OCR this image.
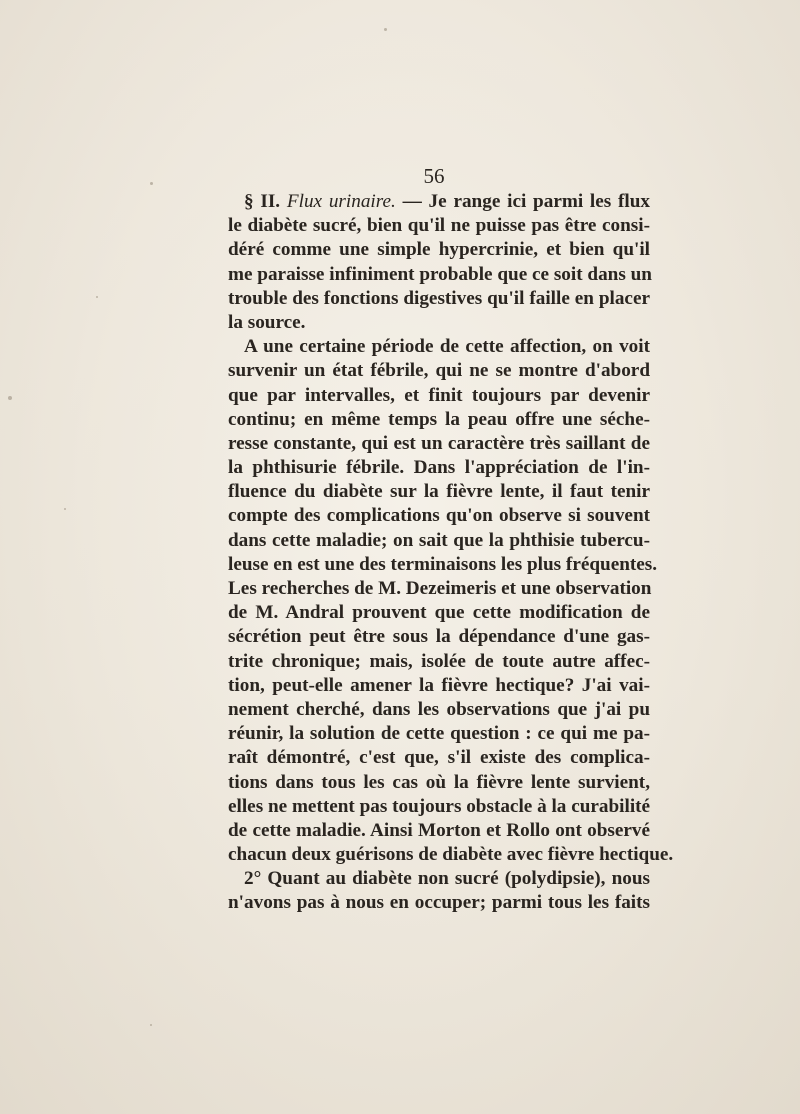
56
§ II. Flux urinaire. — Je range ici parmi les flux
le diabète sucré, bien qu'il ne puisse pas être consi-
déré comme une simple hypercrinie, et bien qu'il
me paraisse infiniment probable que ce soit dans un
trouble des fonctions digestives qu'il faille en placer
la source.
A une certaine période de cette affection, on voit
survenir un état fébrile, qui ne se montre d'abord
que par intervalles, et finit toujours par devenir
continu; en même temps la peau offre une séche-
resse constante, qui est un caractère très saillant de
la phthisurie fébrile. Dans l'appréciation de l'in-
fluence du diabète sur la fièvre lente, il faut tenir
compte des complications qu'on observe si souvent
dans cette maladie; on sait que la phthisie tubercu-
leuse en est une des terminaisons les plus fréquentes.
Les recherches de M. Dezeimeris et une observation
de M. Andral prouvent que cette modification de
sécrétion peut être sous la dépendance d'une gas-
trite chronique; mais, isolée de toute autre affec-
tion, peut-elle amener la fièvre hectique? J'ai vai-
nement cherché, dans les observations que j'ai pu
réunir, la solution de cette question : ce qui me pa-
raît démontré, c'est que, s'il existe des complica-
tions dans tous les cas où la fièvre lente survient,
elles ne mettent pas toujours obstacle à la curabilité
de cette maladie. Ainsi Morton et Rollo ont observé
chacun deux guérisons de diabète avec fièvre hectique.
2° Quant au diabète non sucré (polydipsie), nous
n'avons pas à nous en occuper; parmi tous les faits
